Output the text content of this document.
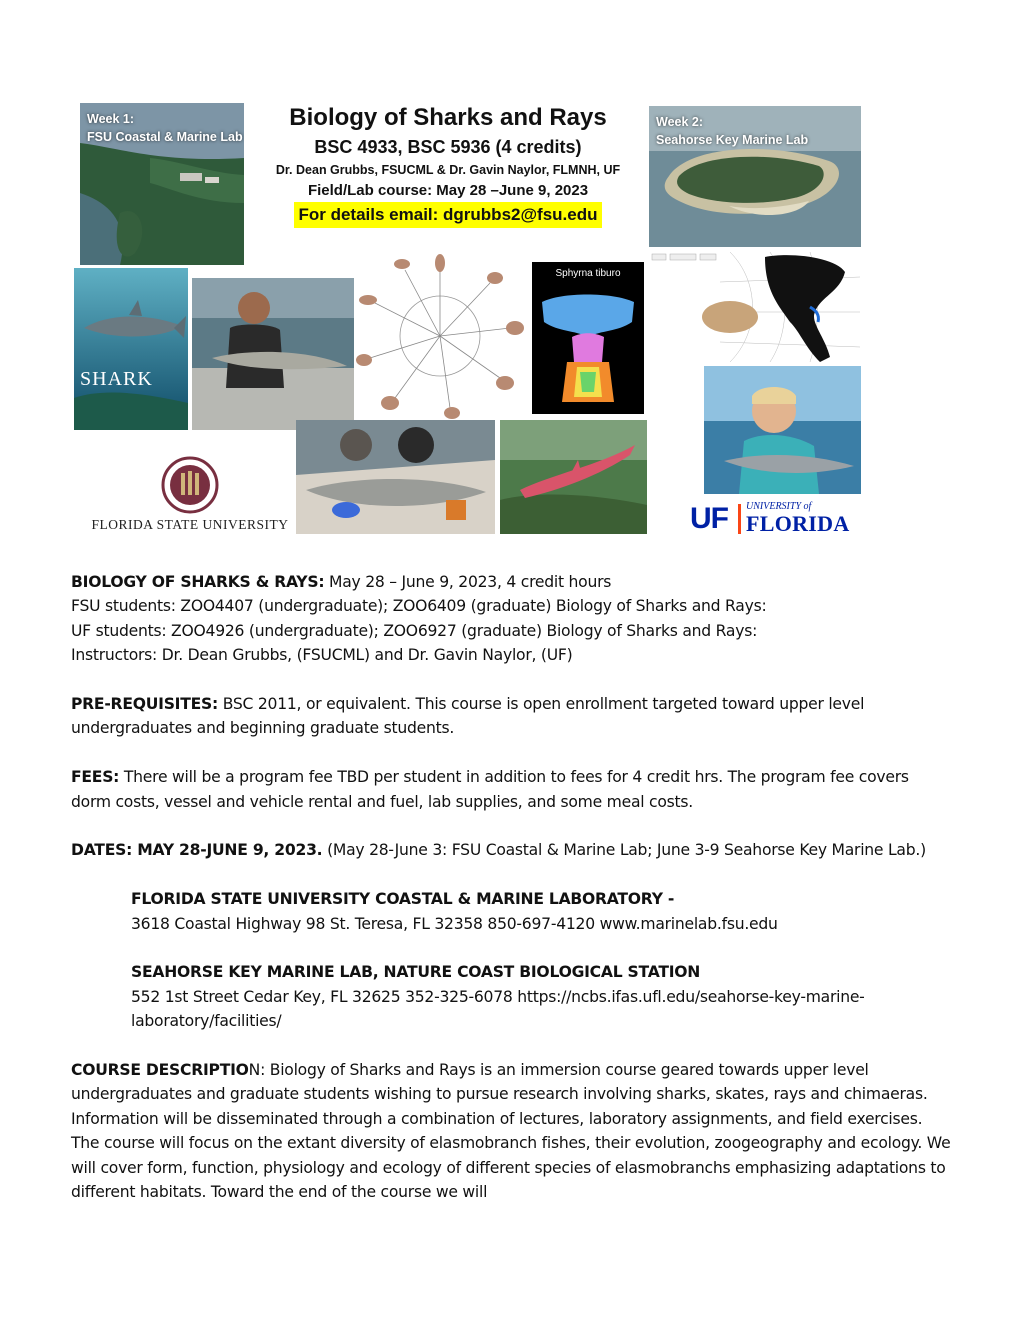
Week 1:
FSU Coastal & Marine Lab
Biology of Sharks and Rays
BSC 4933, BSC 5936 (4 credits)
Dr. Dean Grubbs, FSUCML & Dr. Gavin Naylor, FLMNH, UF
Field/Lab course: May 28 –June 9, 2023
For details email: dgrubbs2@fsu.edu
Week 2:
Seahorse Key Marine Lab
SHARK
Sphyrna tiburo
FLORIDA STATE UNIVERSITY	UF UNIVERSITY of
FLORIDA

BIOLOGY OF SHARKS & RAYS: May 28 – June 9, 2023, 4 credit hours
FSU students: ZOO4407 (undergraduate); ZOO6409 (graduate) Biology of Sharks and Rays:
UF students: ZOO4926 (undergraduate); ZOO6927 (graduate) Biology of Sharks and Rays:
Instructors: Dr. Dean Grubbs, (FSUCML) and Dr. Gavin Naylor, (UF)

PRE-REQUISITES: BSC 2011, or equivalent. This course is open enrollment targeted toward upper level undergraduates and beginning graduate students.

FEES: There will be a program fee TBD per student in addition to fees for 4 credit hrs. The program fee covers dorm costs, vessel and vehicle rental and fuel, lab supplies, and some meal costs.

DATES: MAY 28-JUNE 9, 2023. (May 28-June 3: FSU Coastal & Marine Lab; June 3-9 Seahorse Key Marine Lab.)

FLORIDA STATE UNIVERSITY COASTAL & MARINE LABORATORY -
3618 Coastal Highway 98 St. Teresa, FL 32358 850-697-4120 www.marinelab.fsu.edu

SEAHORSE KEY MARINE LAB, NATURE COAST BIOLOGICAL STATION
552 1st Street Cedar Key, FL 32625 352-325-6078 https://ncbs.ifas.ufl.edu/seahorse-key-marine-laboratory/facilities/

COURSE DESCRIPTION: Biology of Sharks and Rays is an immersion course geared towards upper level undergraduates and graduate students wishing to pursue research involving sharks, skates, rays and chimaeras. Information will be disseminated through a combination of lectures, laboratory assignments, and field exercises. The course will focus on the extant diversity of elasmobranch fishes, their evolution, zoogeography and ecology. We will cover form, function, physiology and ecology of different species of elasmobranchs emphasizing adaptations to different habitats. Toward the end of the course we will
